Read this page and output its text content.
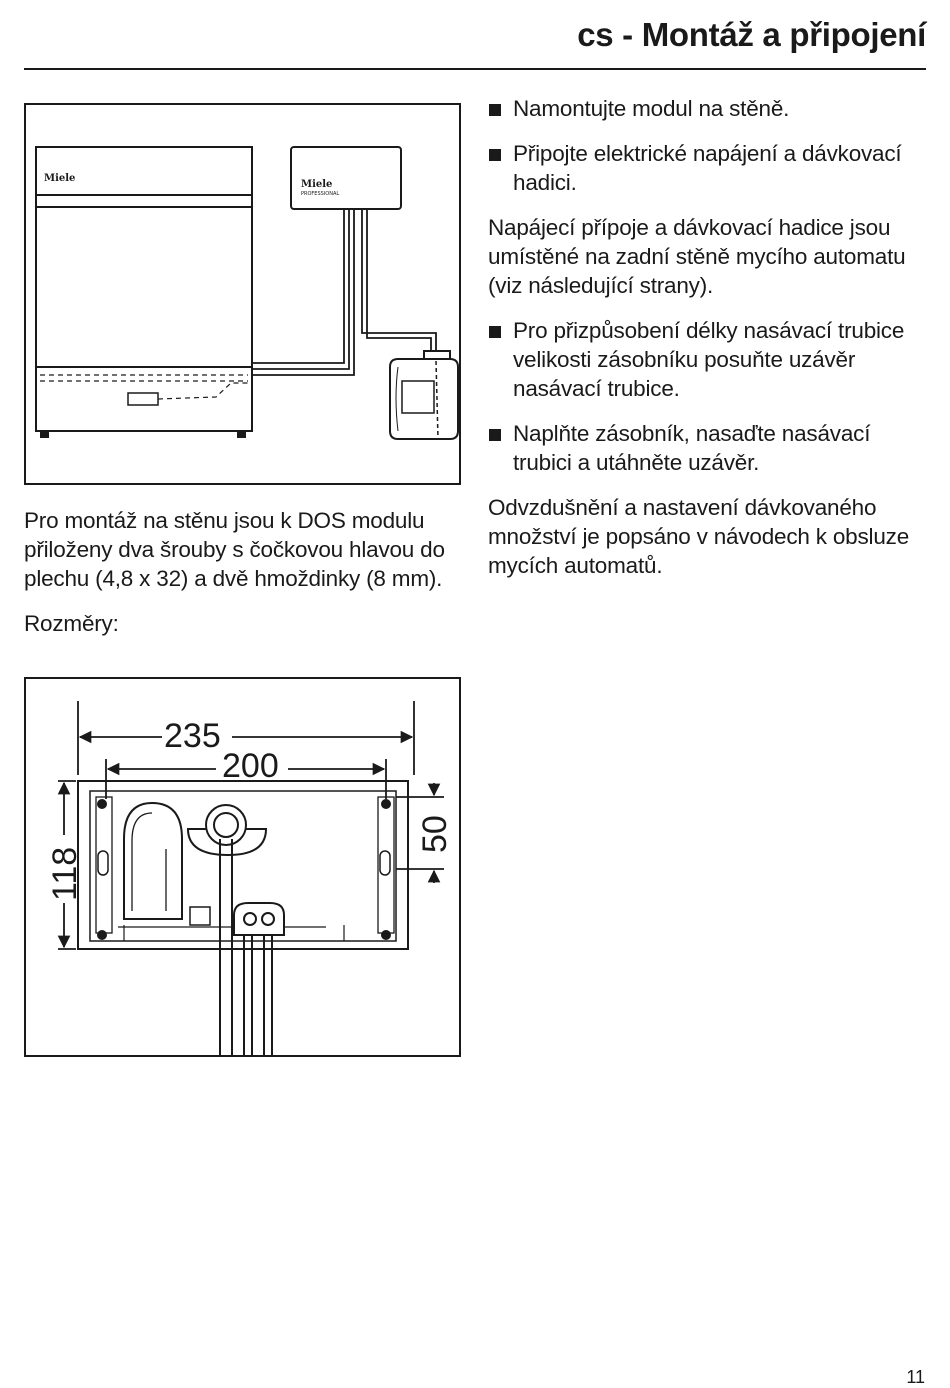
cs - Montáž a připojení
Miele
Miele
PROFESSIONAL

Pro montáž na stěnu jsou k DOS modulu přiloženy dva šrouby s čočkovou hlavou do plechu (4,8 x 32) a dvě hmoždinky (8 mm).

Rozměry:

235
200
118
50
Namontujte modul na stěně.
Připojte elektrické napájení a dávkovací hadici.

Napájecí přípoje a dávkovací hadice jsou umístěné na zadní stěně mycího automatu (viz následující strany).

Pro přizpůsobení délky nasávací trubice velikosti zásobníku posuňte uzávěr nasávací trubice.
Naplňte zásobník, nasaďte nasávací trubici a utáhněte uzávěr.

Odvzdušnění a nastavení dávkovaného množství je popsáno v návodech k obsluze mycích automatů.

11
